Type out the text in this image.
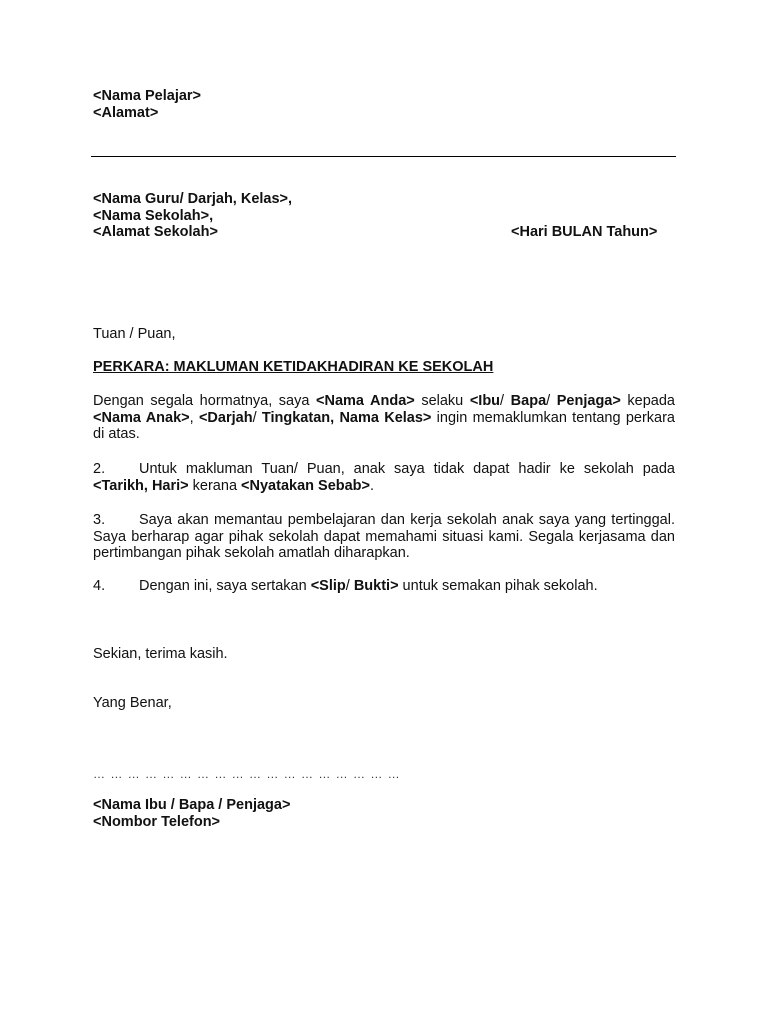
<Nama Pelajar>
<Alamat>
<Nama Guru/ Darjah, Kelas>,
<Nama Sekolah>,
<Alamat Sekolah>	<Hari BULAN Tahun>
Tuan / Puan,
PERKARA: MAKLUMAN KETIDAKHADIRAN KE SEKOLAH
Dengan segala hormatnya, saya <Nama Anda> selaku <Ibu/ Bapa/ Penjaga> kepada <Nama Anak>, <Darjah/ Tingkatan, Nama Kelas> ingin memaklumkan tentang perkara di atas.
2. Untuk makluman Tuan/ Puan, anak saya tidak dapat hadir ke sekolah pada <Tarikh, Hari> kerana <Nyatakan Sebab>.
3. Saya akan memantau pembelajaran dan kerja sekolah anak saya yang tertinggal. Saya berharap agar pihak sekolah dapat memahami situasi kami. Segala kerjasama dan pertimbangan pihak sekolah amatlah diharapkan.
4. Dengan ini, saya sertakan <Slip/ Bukti> untuk semakan pihak sekolah.
Sekian, terima kasih.
Yang Benar,
… … … … … … … … … … … … … … … … … …
<Nama Ibu / Bapa / Penjaga>
<Nombor Telefon>
